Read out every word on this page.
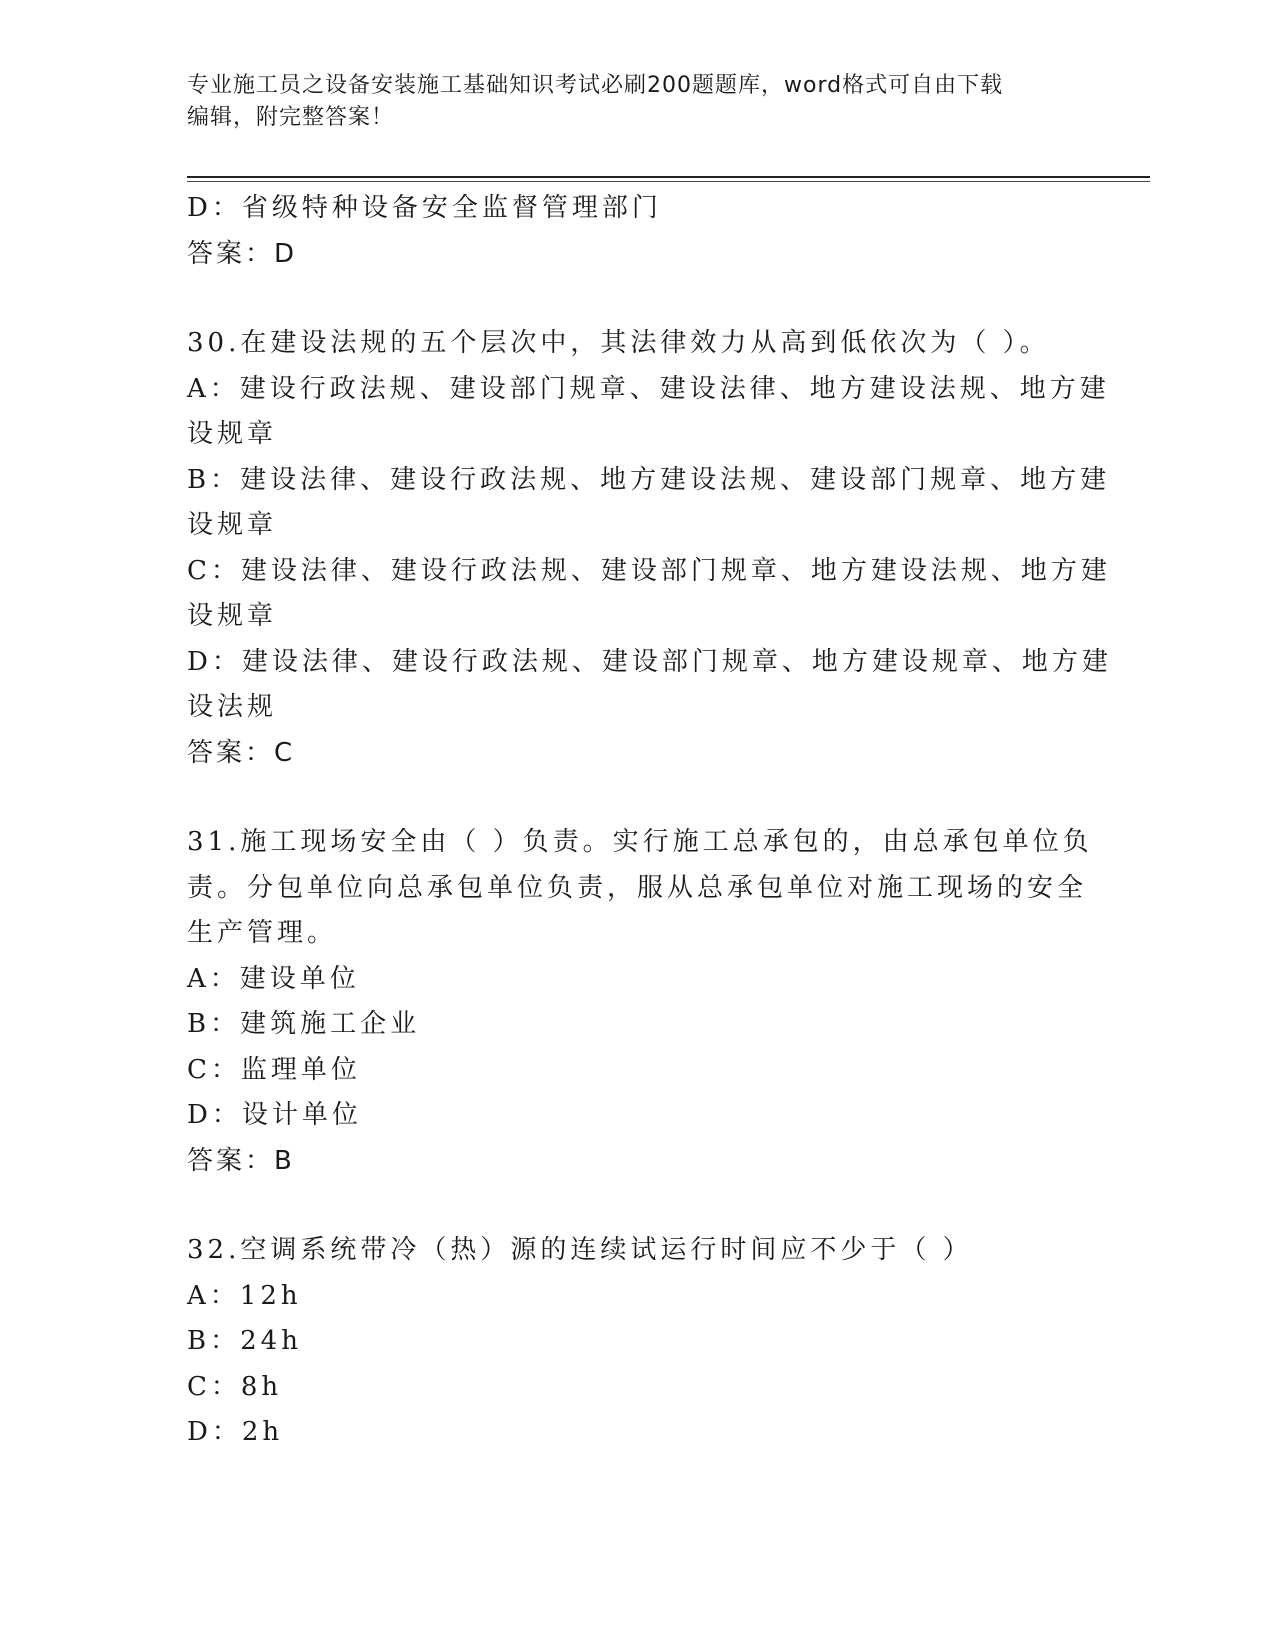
专业施工员之设备安装施工基础知识考试必刷200题题库，word格式可自由下载
编辑，附完整答案！
D：省级特种设备安全监督管理部门
答案：D
30.在建设法规的五个层次中，其法律效力从高到低依次为（ ）。
A：建设行政法规、建设部门规章、建设法律、地方建设法规、地方建
设规章
B：建设法律、建设行政法规、地方建设法规、建设部门规章、地方建
设规章
C：建设法律、建设行政法规、建设部门规章、地方建设法规、地方建
设规章
D：建设法律、建设行政法规、建设部门规章、地方建设规章、地方建
设法规
答案：C
31.施工现场安全由（ ）负责。实行施工总承包的，由总承包单位负
责。分包单位向总承包单位负责，服从总承包单位对施工现场的安全
生产管理。
A：建设单位
B：建筑施工企业
C：监理单位
D：设计单位
答案：B
32.空调系统带冷（热）源的连续试运行时间应不少于（ ）
A：12h
B：24h
C：8h
D：2h
